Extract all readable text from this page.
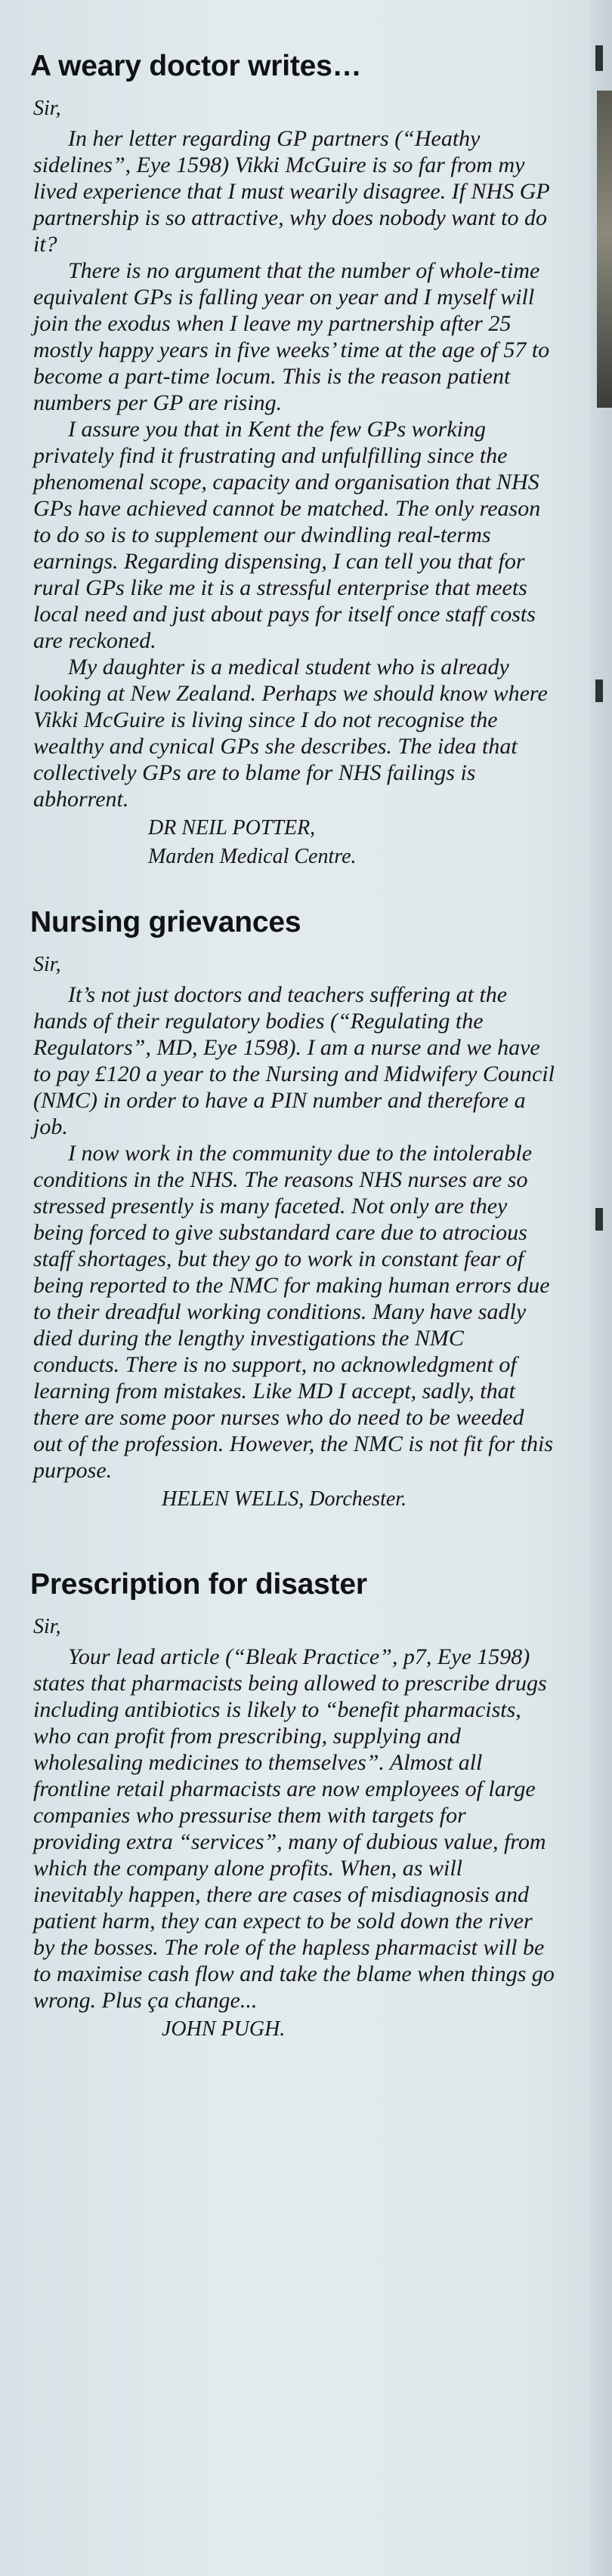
A weary doctor writes…

Sir,

In her letter regarding GP partners (“Heathy sidelines”, Eye 1598) Vikki McGuire is so far from my lived experience that I must wearily disagree. If NHS GP partnership is so attractive, why does nobody want to do it?

There is no argument that the number of whole-time equivalent GPs is falling year on year and I myself will join the exodus when I leave my partnership after 25 mostly happy years in five weeks’ time at the age of 57 to become a part-time locum. This is the reason patient numbers per GP are rising.

I assure you that in Kent the few GPs working privately find it frustrating and unfulfilling since the phenomenal scope, capacity and organisation that NHS GPs have achieved cannot be matched. The only reason to do so is to supplement our dwindling real-terms earnings. Regarding dispensing, I can tell you that for rural GPs like me it is a stressful enterprise that meets local need and just about pays for itself once staff costs are reckoned.

My daughter is a medical student who is already looking at New Zealand. Perhaps we should know where Vikki McGuire is living since I do not recognise the wealthy and cynical GPs she describes. The idea that collectively GPs are to blame for NHS failings is abhorrent.

DR NEIL POTTER,

Marden Medical Centre.

Nursing grievances

Sir,

It’s not just doctors and teachers suffering at the hands of their regulatory bodies (“Regulating the Regulators”, MD, Eye 1598). I am a nurse and we have to pay £120 a year to the Nursing and Midwifery Council (NMC) in order to have a PIN number and therefore a job.

I now work in the community due to the intolerable conditions in the NHS. The reasons NHS nurses are so stressed presently is many faceted. Not only are they being forced to give substandard care due to atrocious staff shortages, but they go to work in constant fear of being reported to the NMC for making human errors due to their dreadful working conditions. Many have sadly died during the lengthy investigations the NMC conducts. There is no support, no acknowledgment of learning from mistakes. Like MD I accept, sadly, that there are some poor nurses who do need to be weeded out of the profession. However, the NMC is not fit for this purpose.

HELEN WELLS, Dorchester.

Prescription for disaster

Sir,

Your lead article (“Bleak Practice”, p7, Eye 1598) states that pharmacists being allowed to prescribe drugs including antibiotics is likely to “benefit pharmacists, who can profit from prescribing, supplying and wholesaling medicines to themselves”. Almost all frontline retail pharmacists are now employees of large companies who pressurise them with targets for providing extra “services”, many of dubious value, from which the company alone profits. When, as will inevitably happen, there are cases of misdiagnosis and patient harm, they can expect to be sold down the river by the bosses. The role of the hapless pharmacist will be to maximise cash flow and take the blame when things go wrong. Plus ça change...

JOHN PUGH.
